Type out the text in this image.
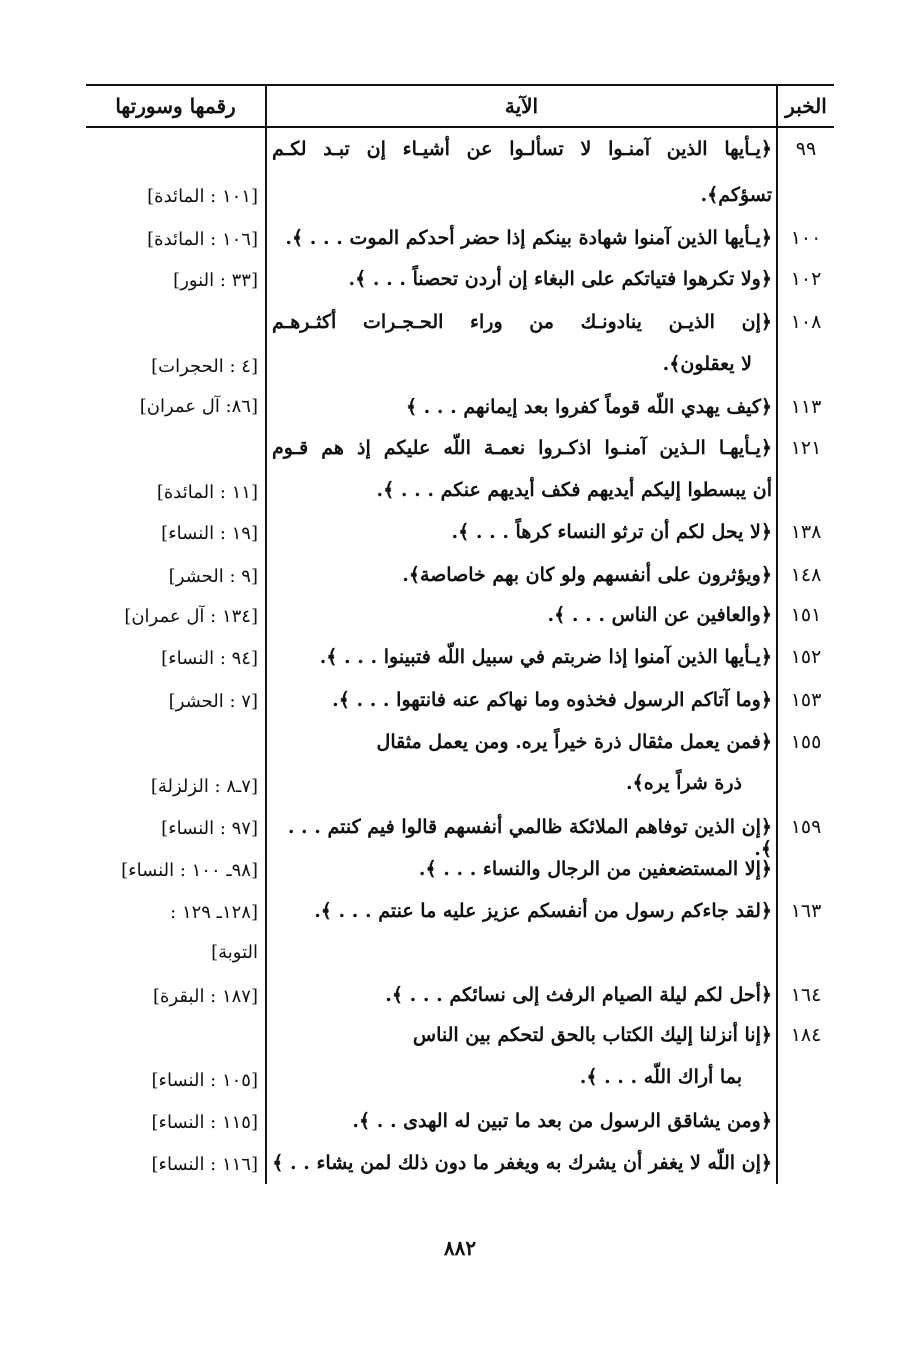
الخبر
الآية
رقمها وسورتها
٩٩
﴿يـأيها الذين آمنـوا لا تسألـوا عن أشيـاء إن تبـد لكـم
تسؤكم﴾.
[١٠١ : المائدة]
١٠٠
﴿يـأيها الذين آمنوا شهادة بينكم إذا حضر أحدكم الموت . . . ﴾.
[١٠٦ : المائدة]
١٠٢
﴿ولا تكرهوا فتياتكم على البغاء إن أردن تحصناً . . . ﴾.
[٣٣ : النور]
١٠٨
﴿إن الذيـن ينادونـك من وراء الحـجـرات أكثـرهـم
لا يعقلون﴾.
[٤ : الحجرات]
١١٣
﴿كيف يهدي اللّه قوماً كفروا بعد إيمانهم . . . ﴾
[٨٦: آل عمران]
١٢١
﴿يـأيهـا الـذين آمنـوا اذكـروا نعمـة اللّه عليكم إذ هم قـوم
أن يبسطوا إليكم أيديهم فكف أيديهم عنكم . . . ﴾.
[١١ : المائدة]
١٣٨
﴿لا يحل لكم أن ترثو النساء كرهاً . . . ﴾.
[١٩ : النساء]
١٤٨
﴿ويؤثرون على أنفسهم ولو كان بهم خاصاصة﴾.
[٩ : الحشر]
١٥١
﴿والعافين عن الناس . . . ﴾.
[١٣٤ : آل عمران]
١٥٢
﴿يـأيها الذين آمنوا إذا ضربتم في سبيل اللّه فتبينوا . . . ﴾.
[٩٤ : النساء]
١٥٣
﴿وما آتاكم الرسول فخذوه وما نهاكم عنه فانتهوا . . . ﴾.
[٧ : الحشر]
١٥٥
﴿فمن يعمل مثقال ذرة خيراً يره. ومن يعمل مثقال
ذرة شراً يره﴾.
[٧ـ٨ : الزلزلة]
١٥٩
﴿إن الذين توفاهم الملائكة ظالمي أنفسهم قالوا فيم كنتم . . . ﴾.
[٩٧ : النساء]
﴿إلا المستضعفين من الرجال والنساء . . . ﴾.
[٩٨ـ ١٠٠ : النساء]
١٦٣
﴿لقد جاءكم رسول من أنفسكم عزيز عليه ما عنتم . . . ﴾.
[١٢٨ـ ١٢٩ :
التوبة]
١٦٤
﴿أحل لكم ليلة الصيام الرفث إلى نسائكم . . . ﴾.
[١٨٧ : البقرة]
١٨٤
﴿إنا أنزلنا إليك الكتاب بالحق لتحكم بين الناس
بما أراك اللّه . . . ﴾.
[١٠٥ : النساء]
﴿ومن يشاقق الرسول من بعد ما تبين له الهدى . . ﴾.
[١١٥ : النساء]
﴿إن اللّه لا يغفر أن يشرك به ويغفر ما دون ذلك لمن يشاء . . ﴾
[١١٦ : النساء]
٨٨٢
